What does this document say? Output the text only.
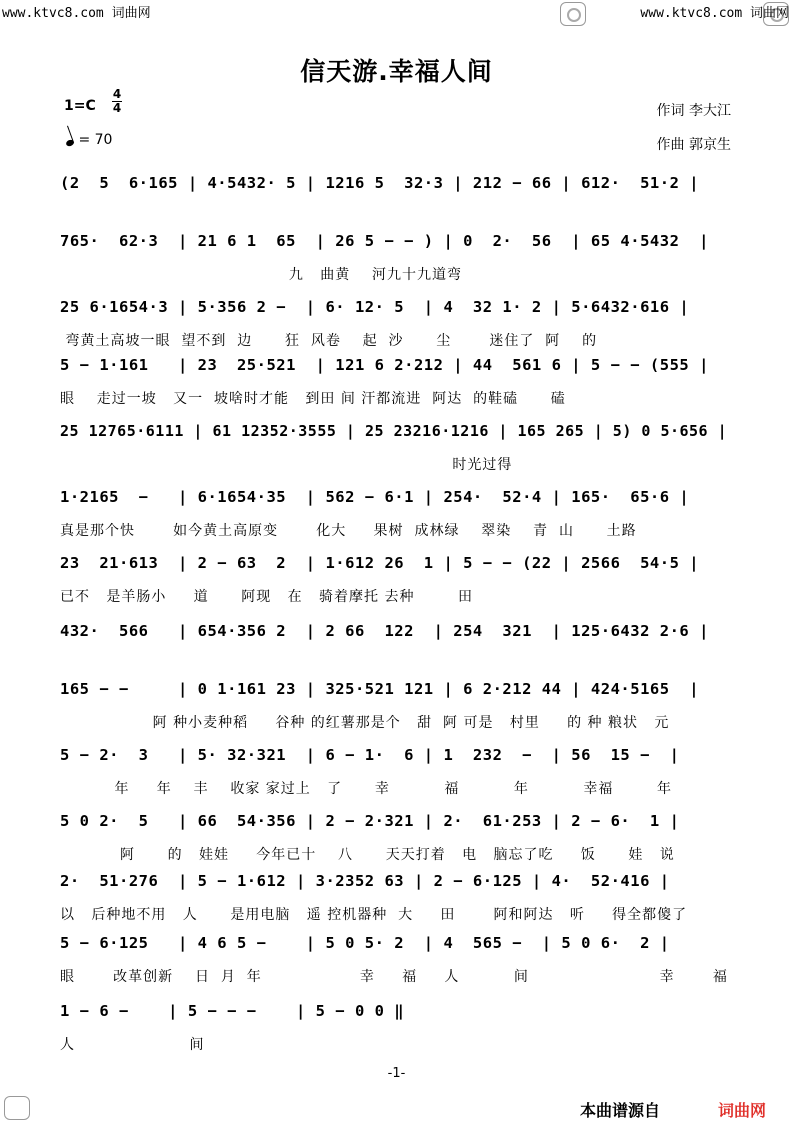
www.ktvc8.com 词曲网	www.ktvc8.com 词曲网
信天游.幸福人间
1=C
4
4
= 70
作词 李大江
作曲 郭京生
(2  5  6·165 | 4·5432· 5 | 1216 5  32·3 | 212 − 66 | 612·  51·2 |
765·  62·3  | 21 6 1  65  | 26 5 − − ) | 0  2·  56  | 65 4·5432  |
九   曲黄    河九十九道弯
25 6·1654·3 | 5·356 2 −  | 6· 12· 5  | 4  32 1· 2 | 5·6432·616 |
弯黄土高坡一眼  望不到  边      狂  风卷    起  沙      尘       迷住了  阿    的
5 − 1·161   | 23  25·521  | 121 6 2·212 | 44  561 6 | 5 − − (555 |
眼    走过一坡   又一  坡啥时才能   到田 间 汗都流进  阿达  的鞋磕      磕
25 12765·6111 | 61 12352·3555 | 25 23216·1216 | 165 265 | 5) 0 5·656 |
时光过得
1·2165  −   | 6·1654·35  | 562 − 6·1 | 254·  52·4 | 165·  65·6 |
真是那个快       如今黄土高原变       化大     果树  成林绿    翠染    青  山      土路
23  21·613  | 2 − 63  2  | 1·612 26  1 | 5 − − (22 | 2566  54·5 |
已不   是羊肠小     道      阿现   在   骑着摩托 去种        田
432·  566   | 654·356 2  | 2 66  122  | 254  321  | 125·6432 2·6 |
165 − −     | 0 1·161 23 | 325·521 121 | 6 2·212 44 | 424·5165  |
阿 种小麦种稻     谷种 的红薯那是个   甜  阿 可是   村里     的 种 粮状   元
5 − 2·  3   | 5· 32·321  | 6 − 1·  6 | 1  232  −  | 56  15 −  |
年     年    丰    收家 家过上   了      幸          福          年          幸福        年
5 0 2·  5   | 66  54·356 | 2 − 2·321 | 2·  61·253 | 2 − 6·  1 |
阿      的   娃娃     今年已十    八      天天打着   电   脑忘了吃     饭      娃   说
2·  51·276  | 5 − 1·612 | 3·2352 63 | 2 − 6·125 | 4·  52·416 |
以   后种地不用   人      是用电脑   遥 控机器种  大     田       阿和阿达   听     得全都傻了
5 − 6·125   | 4 6 5 −    | 5 0 5· 2  | 4  565 −  | 5 0 6·  2 |
眼       改革创新    日  月  年                  幸     福     人          间                        幸       福
1 − 6 −    | 5 − − −    | 5 − 0 0 ‖
人                     间
-1-
本曲谱源自	词曲网
